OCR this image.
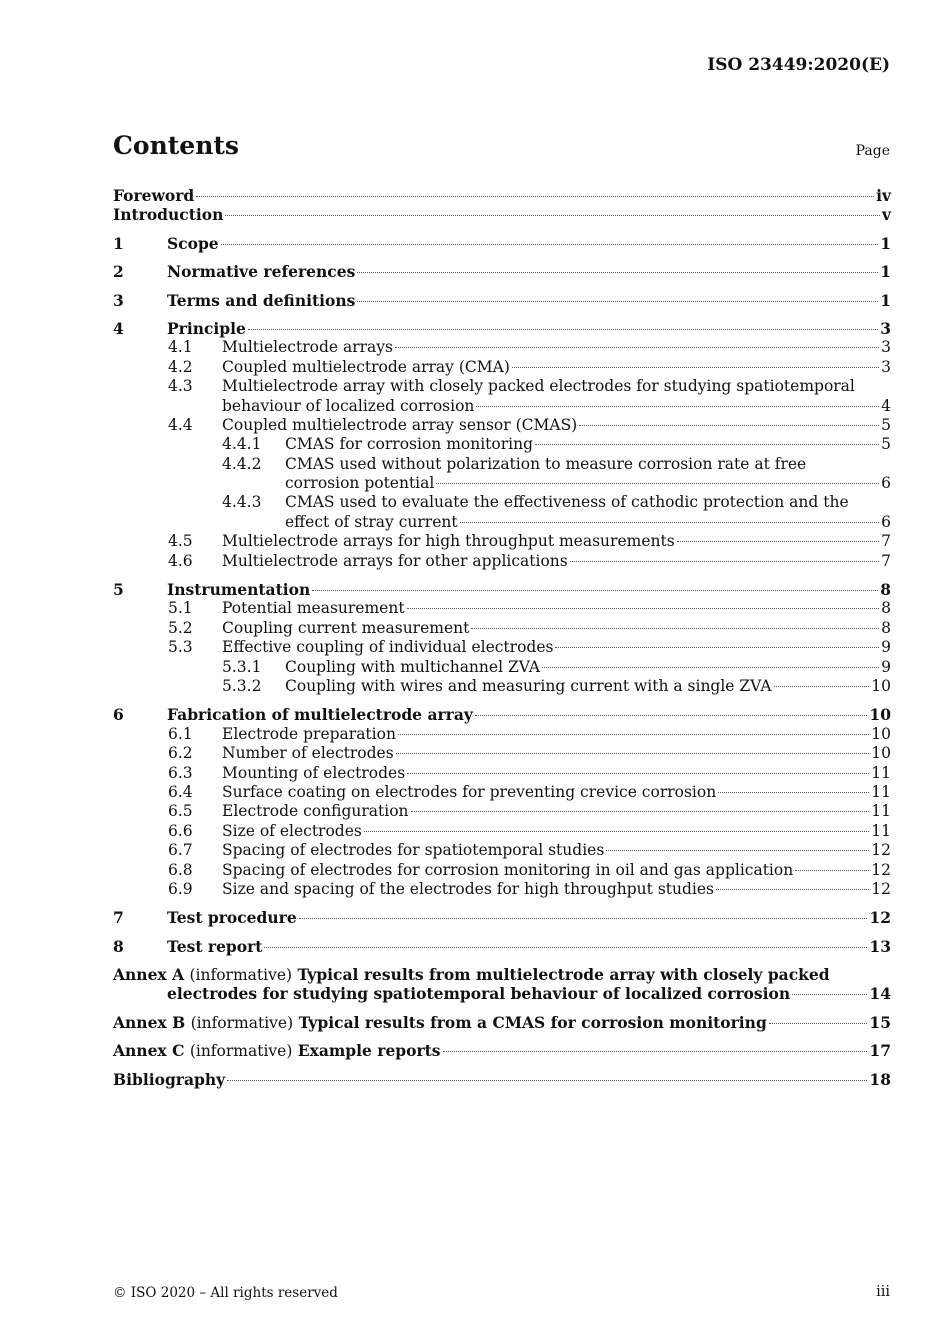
ISO 23449:2020(E)
Contents	Page
Foreword	iv
Introduction	v
1	Scope	1
2	Normative references	1
3	Terms and definitions	1
4	Principle	3
4.1 Multielectrode arrays	3
4.2 Coupled multielectrode array (CMA)	3
4.3 Multielectrode array with closely packed electrodes for studying spatiotemporal
behaviour of localized corrosion	4
4.4 Coupled multielectrode array sensor (CMAS)	5
4.4.1 CMAS for corrosion monitoring	5
4.4.2 CMAS used without polarization to measure corrosion rate at free
corrosion potential	6
4.4.3 CMAS used to evaluate the effectiveness of cathodic protection and the
effect of stray current	6
4.5 Multielectrode arrays for high throughput measurements	7
4.6 Multielectrode arrays for other applications	7
5	Instrumentation	8
5.1 Potential measurement	8
5.2 Coupling current measurement	8
5.3 Effective coupling of individual electrodes	9
5.3.1 Coupling with multichannel ZVA	9
5.3.2 Coupling with wires and measuring current with a single ZVA	10
6	Fabrication of multielectrode array	10
6.1 Electrode preparation	10
6.2 Number of electrodes	10
6.3 Mounting of electrodes	11
6.4 Surface coating on electrodes for preventing crevice corrosion	11
6.5 Electrode configuration	11
6.6 Size of electrodes	11
6.7 Spacing of electrodes for spatiotemporal studies	12
6.8 Spacing of electrodes for corrosion monitoring in oil and gas application	12
6.9 Size and spacing of the electrodes for high throughput studies	12
7	Test procedure	12
8	Test report	13
Annex A (informative) Typical results from multielectrode array with closely packed
electrodes for studying spatiotemporal behaviour of localized corrosion	14
Annex B (informative) Typical results from a CMAS for corrosion monitoring	15
Annex C (informative) Example reports	17
Bibliography	18
© ISO 2020 – All rights reserved	iii
